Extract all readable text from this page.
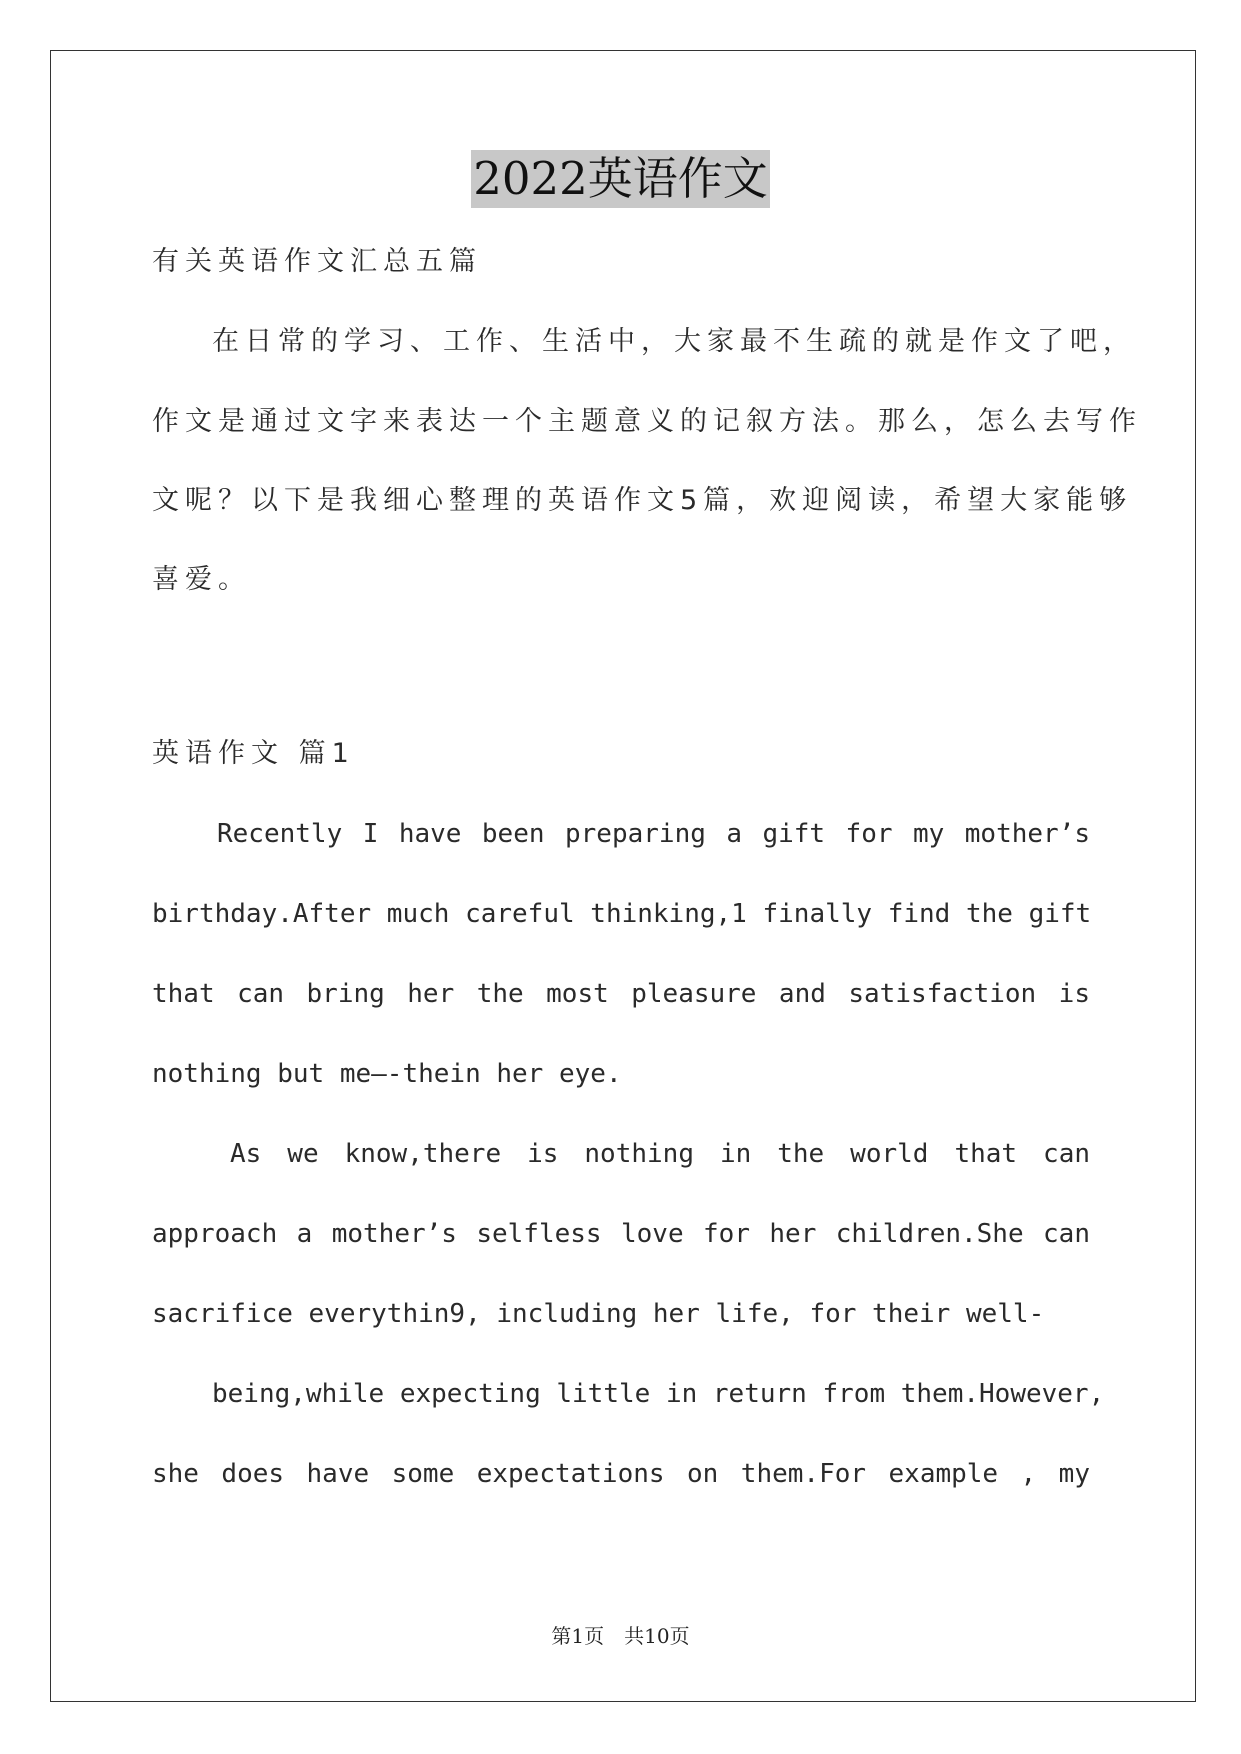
2022英语作文

有关英语作文汇总五篇

在日常的学习、工作、生活中，大家最不生疏的就是作文了吧，

作文是通过文字来表达一个主题意义的记叙方法。那么，怎么去写作

文呢？以下是我细心整理的英语作文5篇，欢迎阅读，希望大家能够

喜爱。

英语作文 篇1

Recently I have been preparing a gift for my mother’s

birthday.After much careful thinking,1 finally find the gift

that can bring her the most pleasure and satisfaction is

nothing but me—-thein her eye.

As we know,there is nothing in the world that can

approach a mother’s selfless love for her children.She can

sacrifice everythin9, including her life, for their well-

being,while expecting little in return from them.However,

she does have some expectations on them.For example , my

第1页　共10页
